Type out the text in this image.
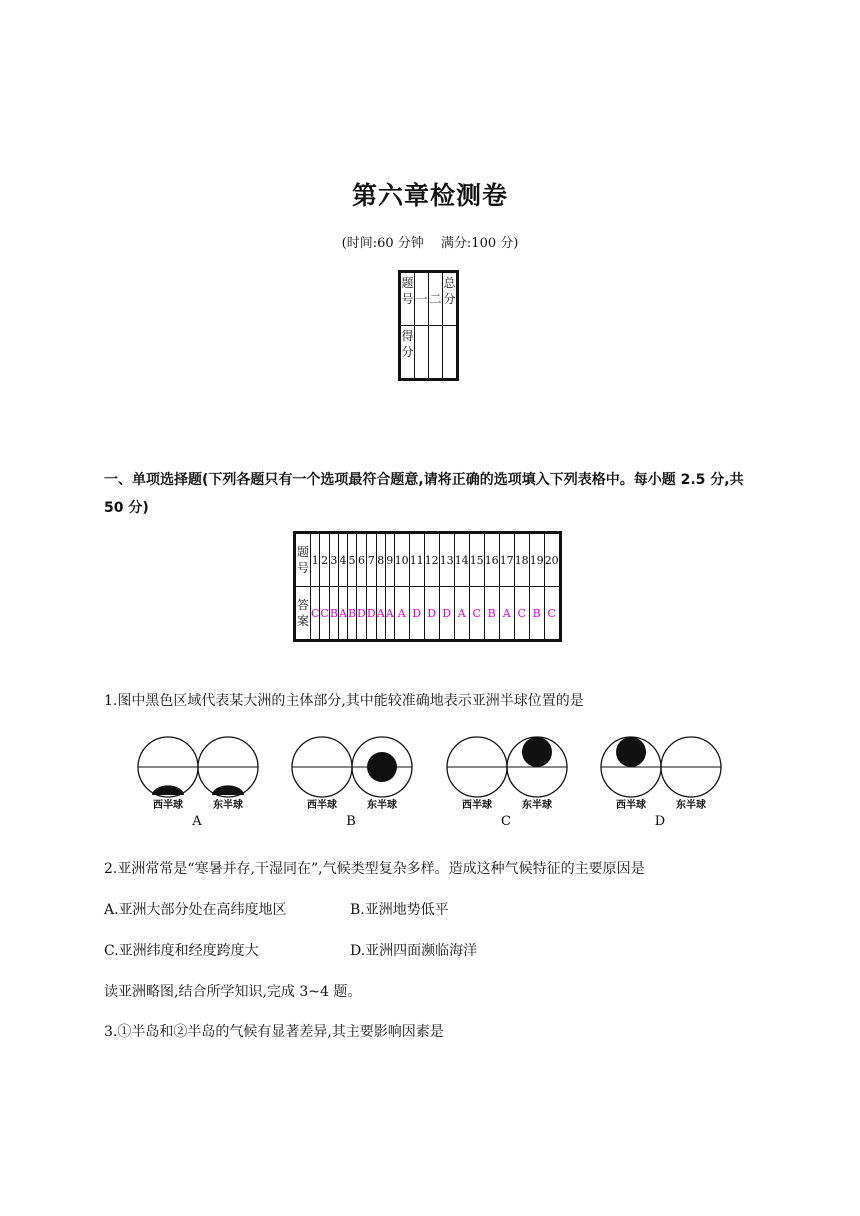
第六章检测卷
(时间:60 分钟　 满分:100 分)
题号	一	二	总分
得分			
一、单项选择题(下列各题只有一个选项最符合题意,请将正确的选项填入下列表格中。每小题 2.5 分,共 50 分)
题号	1	2	3	4	5	6	7	8	9	10	11	12	13	14	15	16	17	18	19	20
答案	C	C	B	A	B	D	D	A	A	A	D	D	D	A	C	B	A	C	B	C
1.图中黑色区域代表某大洲的主体部分,其中能较准确地表示亚洲半球位置的是
西半球	东半球
A
西半球	东半球
B
西半球	东半球
C
西半球	东半球
D
2.亚洲常常是“寒暑并存,干湿同在”,气候类型复杂多样。造成这种气候特征的主要原因是
A.亚洲大部分处在高纬度地区	B.亚洲地势低平
C.亚洲纬度和经度跨度大	D.亚洲四面濒临海洋
读亚洲略图,结合所学知识,完成 3~4 题。
3.①半岛和②半岛的气候有显著差异,其主要影响因素是
